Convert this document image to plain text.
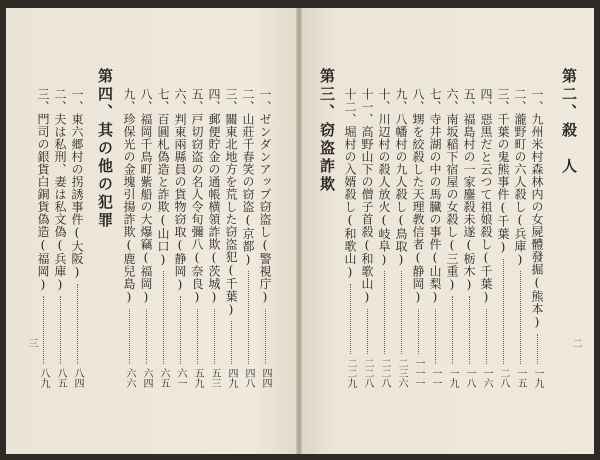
第二、殺　人
一、九州米村森林内の女屍體發掘(熊本)
一九
二、瀧野町の六人殺し(兵庫)
一五
三、千葉の鬼熊事件(千葉)
二八
四、惡黒だと云つて祖娘殺し(千葉)
一六
五、福島村の一家鏖殺未遂(栃木)
一八
六、南坂稲下宿屋の女殺し(三重)
一九
七、寺井湖の中の馬臓の事件(山梨)
一一
八、甥を絞殺した天理教信者(静岡)
一一一
九、八幡村の九人殺し(鳥取)
二三六
十、川辺村の殺人放火(岐阜)
二二八
十一、高野山下の僧子首殺(和歌山)
二二八
十二、堀村の入婿殺し(和歌山)
二二九
第三、窃盗詐欺
二
一、ゼンダンアップ窃盗し(警視庁)
四四
二、山莊千春笑の窃盗(京都)
四八
三、關東北地方を荒した窃盗犯(千葉)
四九
四、郵便貯金の通帳横領詐欺(茨城)
五三
五、戸切窃盗の名人令旬彌八(奈良)
五九
六、判東兩縣員の貨物窃取(静岡)
六一
七、百圓札偽造と詐欺(山口)
六五
八、福岡千鳥町紫船の大爆竊(福岡)
六四
九、珍保光の金塊引揚詐欺(鹿兒島)
六六
第四、其の他の犯罪
一、東六郷村の拐誘事件(大阪)
八四
二、夫は私刑、妻は私文偽(兵庫)
八五
三、門司の銀貨白銅貨偽造(福岡)
八九
三
